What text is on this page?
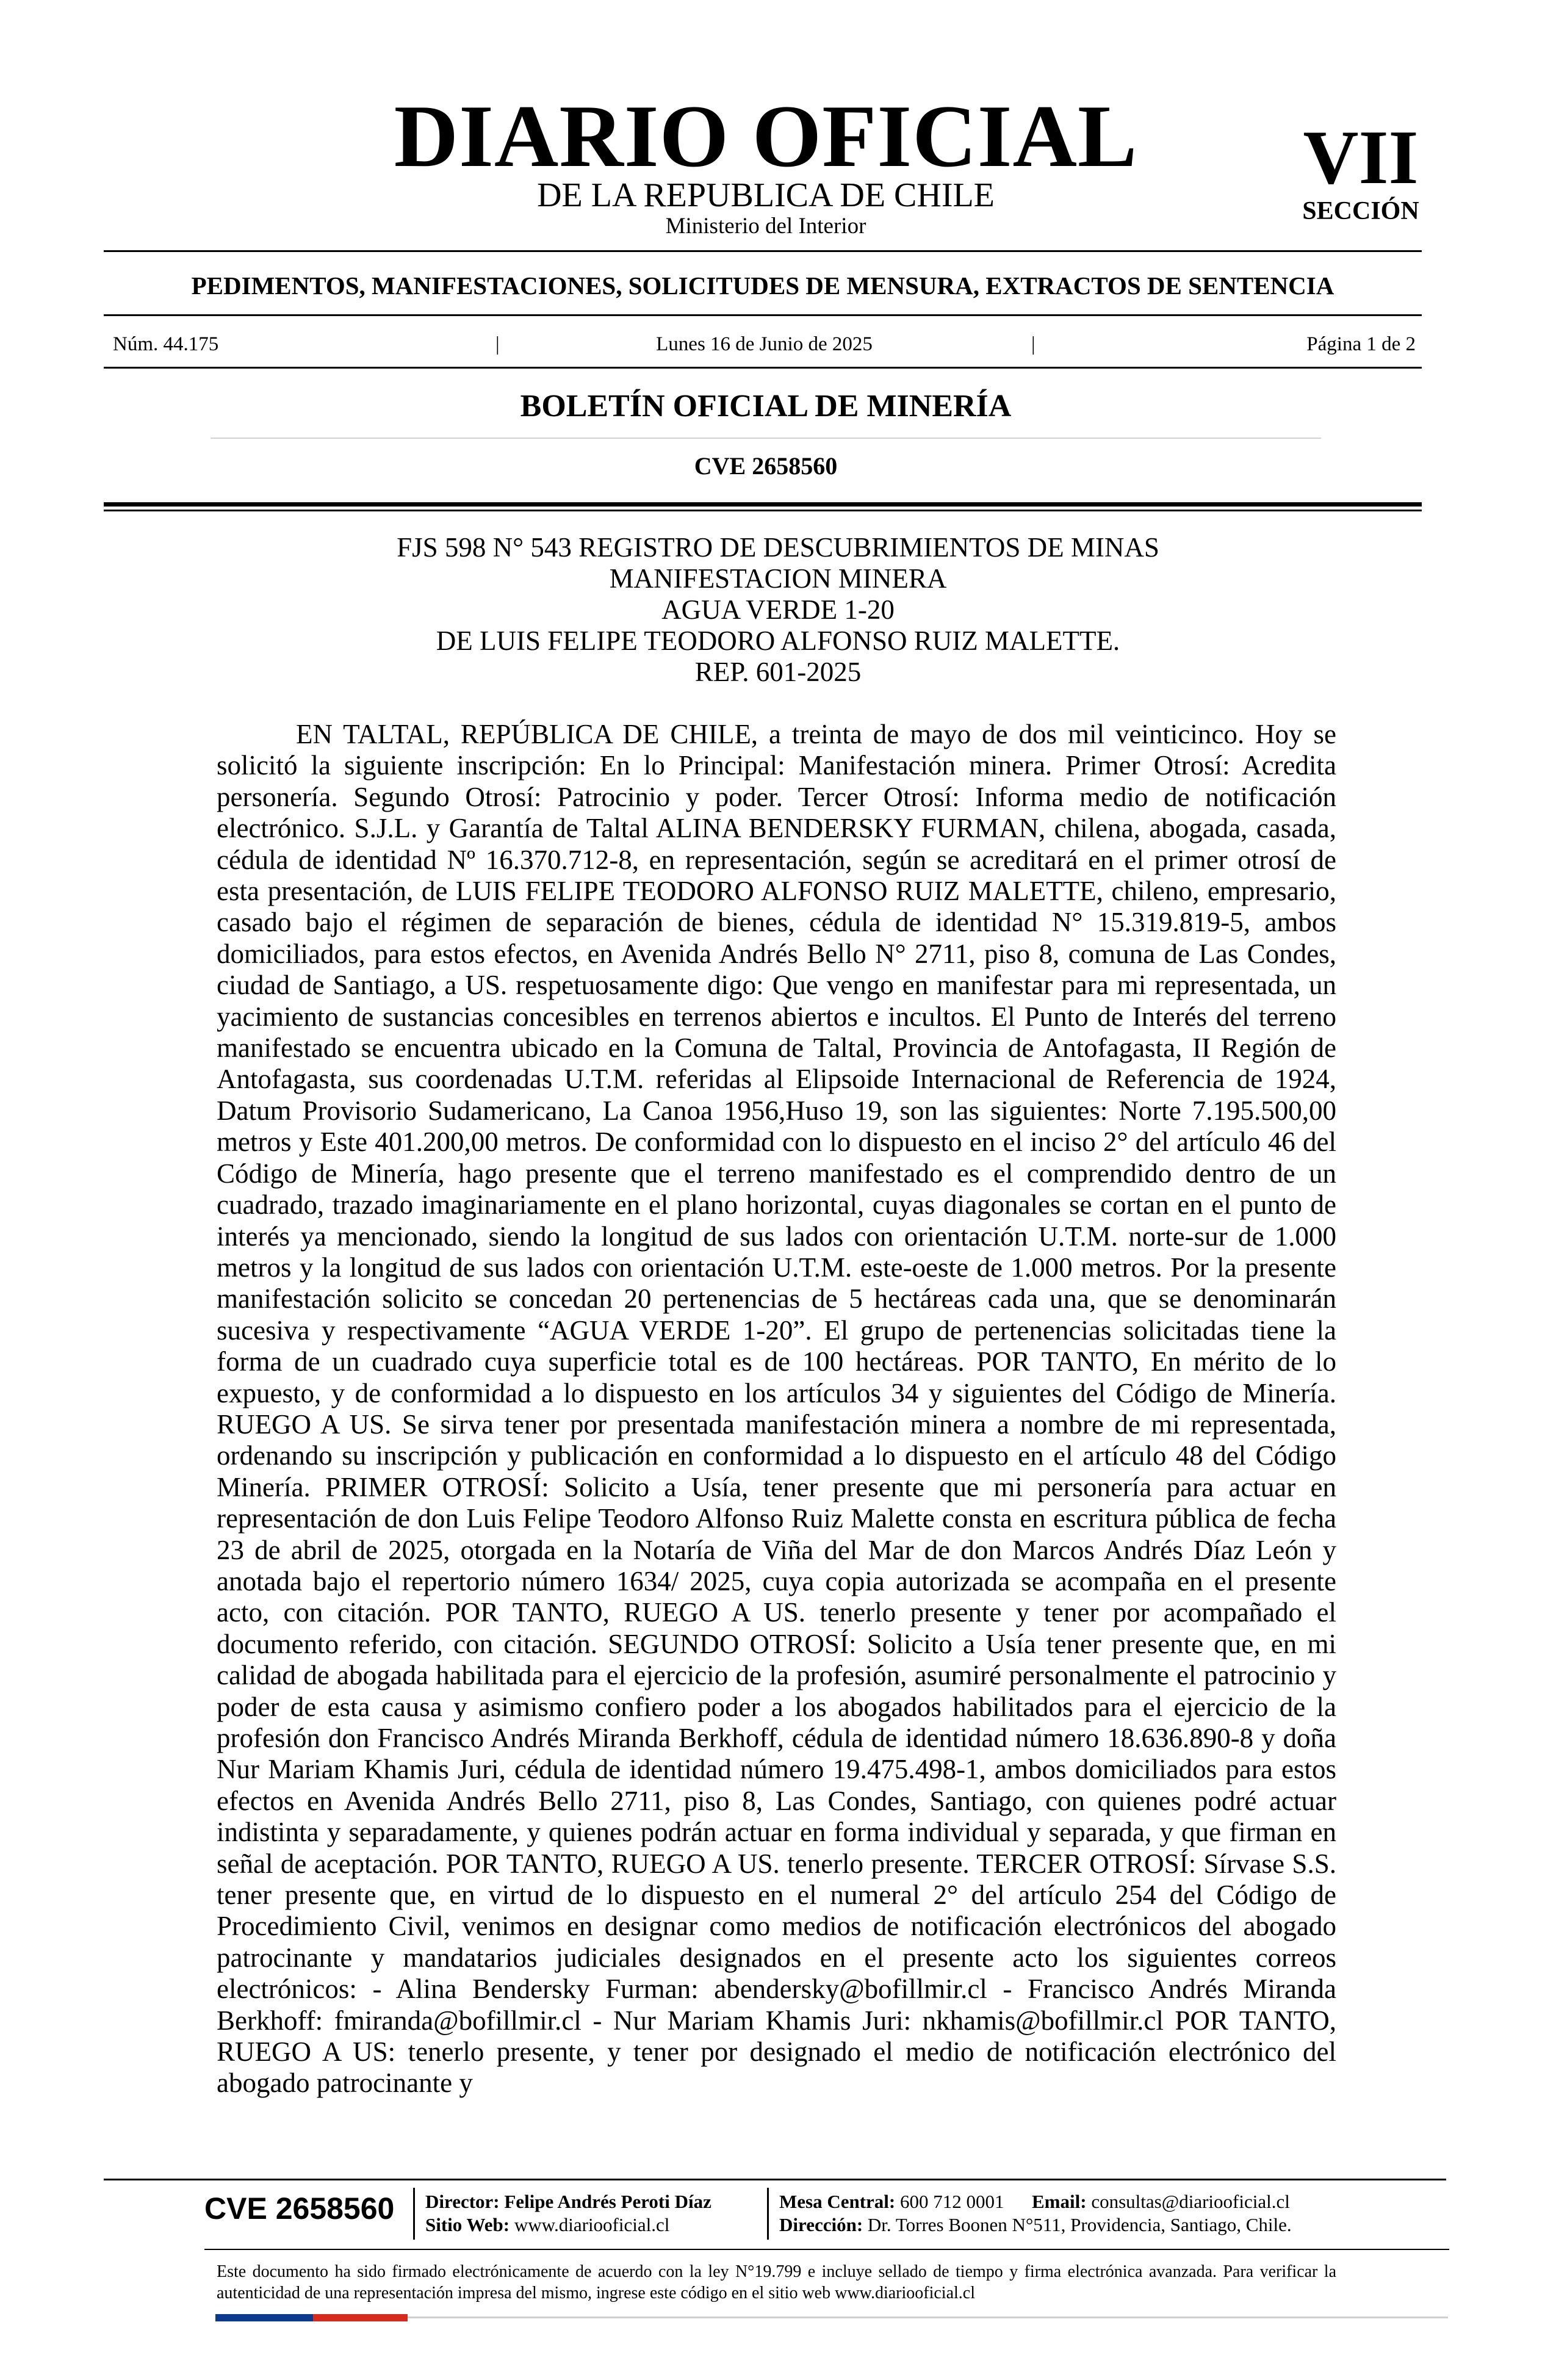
DIARIO OFICIAL
DE LA REPUBLICA DE CHILE
Ministerio del Interior
VII
SECCIÓN
PEDIMENTOS, MANIFESTACIONES, SOLICITUDES DE MENSURA, EXTRACTOS DE SENTENCIA
Núm. 44.175	|	Lunes 16 de Junio de 2025	|	Página 1 de 2
BOLETÍN OFICIAL DE MINERÍA
CVE 2658560
FJS 598 N° 543 REGISTRO DE DESCUBRIMIENTOS DE MINAS
MANIFESTACION MINERA
AGUA VERDE 1-20
DE LUIS FELIPE TEODORO ALFONSO RUIZ MALETTE.
REP. 601-2025
EN TALTAL, REPÚBLICA DE CHILE, a treinta de mayo de dos mil veinticinco. Hoy se solicitó la siguiente inscripción: En lo Principal: Manifestación minera. Primer Otrosí: Acredita personería. Segundo Otrosí: Patrocinio y poder. Tercer Otrosí: Informa medio de notificación electrónico. S.J.L. y Garantía de Taltal ALINA BENDERSKY FURMAN, chilena, abogada, casada, cédula de identidad Nº 16.370.712-8, en representación, según se acreditará en el primer otrosí de esta presentación, de LUIS FELIPE TEODORO ALFONSO RUIZ MALETTE, chileno, empresario, casado bajo el régimen de separación de bienes, cédula de identidad N° 15.319.819-5, ambos domiciliados, para estos efectos, en Avenida Andrés Bello N° 2711, piso 8, comuna de Las Condes, ciudad de Santiago, a US. respetuosamente digo: Que vengo en manifestar para mi representada, un yacimiento de sustancias concesibles en terrenos abiertos e incultos. El Punto de Interés del terreno manifestado se encuentra ubicado en la Comuna de Taltal, Provincia de Antofagasta, II Región de Antofagasta, sus coordenadas U.T.M. referidas al Elipsoide Internacional de Referencia de 1924, Datum Provisorio Sudamericano, La Canoa 1956,Huso 19, son las siguientes: Norte 7.195.500,00 metros y Este 401.200,00 metros. De conformidad con lo dispuesto en el inciso 2° del artículo 46 del Código de Minería, hago presente que el terreno manifestado es el comprendido dentro de un cuadrado, trazado imaginariamente en el plano horizontal, cuyas diagonales se cortan en el punto de interés ya mencionado, siendo la longitud de sus lados con orientación U.T.M. norte-sur de 1.000 metros y la longitud de sus lados con orientación U.T.M. este-oeste de 1.000 metros. Por la presente manifestación solicito se concedan 20 pertenencias de 5 hectáreas cada una, que se denominarán sucesiva y respectivamente “AGUA VERDE 1-20”. El grupo de pertenencias solicitadas tiene la forma de un cuadrado cuya superficie total es de 100 hectáreas. POR TANTO, En mérito de lo expuesto, y de conformidad a lo dispuesto en los artículos 34 y siguientes del Código de Minería. RUEGO A US. Se sirva tener por presentada manifestación minera a nombre de mi representada, ordenando su inscripción y publicación en conformidad a lo dispuesto en el artículo 48 del Código Minería. PRIMER OTROSÍ: Solicito a Usía, tener presente que mi personería para actuar en representación de don Luis Felipe Teodoro Alfonso Ruiz Malette consta en escritura pública de fecha 23 de abril de 2025, otorgada en la Notaría de Viña del Mar de don Marcos Andrés Díaz León y anotada bajo el repertorio número 1634/ 2025, cuya copia autorizada se acompaña en el presente acto, con citación. POR TANTO, RUEGO A US. tenerlo presente y tener por acompañado el documento referido, con citación. SEGUNDO OTROSÍ: Solicito a Usía tener presente que, en mi calidad de abogada habilitada para el ejercicio de la profesión, asumiré personalmente el patrocinio y poder de esta causa y asimismo confiero poder a los abogados habilitados para el ejercicio de la profesión don Francisco Andrés Miranda Berkhoff, cédula de identidad número 18.636.890-8 y doña Nur Mariam Khamis Juri, cédula de identidad número 19.475.498-1, ambos domiciliados para estos efectos en Avenida Andrés Bello 2711, piso 8, Las Condes, Santiago, con quienes podré actuar indistinta y separadamente, y quienes podrán actuar en forma individual y separada, y que firman en señal de aceptación. POR TANTO, RUEGO A US. tenerlo presente. TERCER OTROSÍ: Sírvase S.S. tener presente que, en virtud de lo dispuesto en el numeral 2° del artículo 254 del Código de Procedimiento Civil, venimos en designar como medios de notificación electrónicos del abogado patrocinante y mandatarios judiciales designados en el presente acto los siguientes correos electrónicos: - Alina Bendersky Furman: abendersky@bofillmir.cl - Francisco Andrés Miranda Berkhoff: fmiranda@bofillmir.cl - Nur Mariam Khamis Juri: nkhamis@bofillmir.cl POR TANTO, RUEGO A US: tenerlo presente, y tener por designado el medio de notificación electrónico del abogado patrocinante y
CVE 2658560 Director: Felipe Andrés Peroti Díaz
Sitio Web: www.diariooficial.cl
Mesa Central: 600 712 0001 Email: consultas@diariooficial.cl
Dirección: Dr. Torres Boonen N°511, Providencia, Santiago, Chile.
Este documento ha sido firmado electrónicamente de acuerdo con la ley N°19.799 e incluye sellado de tiempo y firma electrónica avanzada. Para verificar la autenticidad de una representación impresa del mismo, ingrese este código en el sitio web www.diariooficial.cl
